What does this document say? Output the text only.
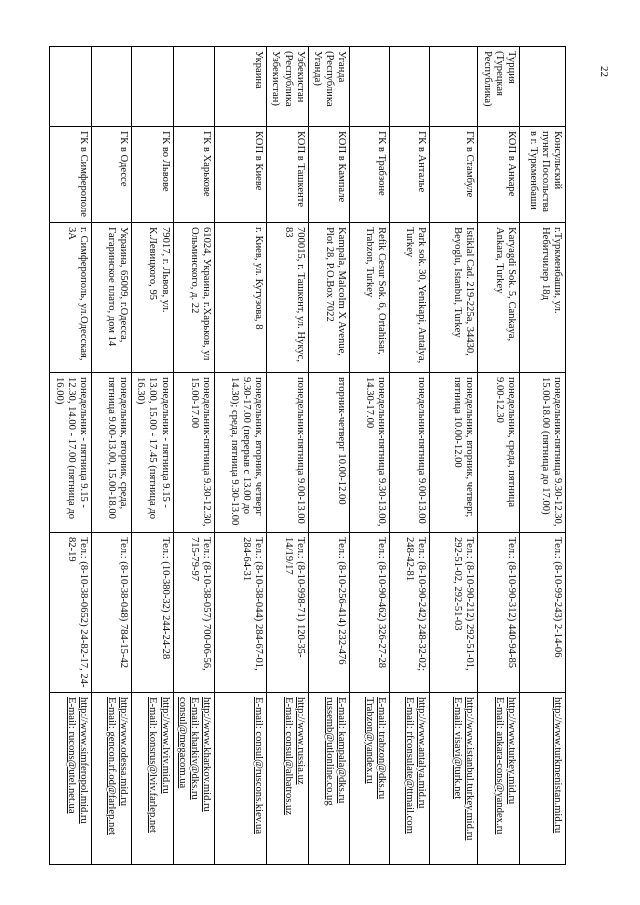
22
	Консульский пункт Посольства в г. Туркменбаши	г.Туркменбаши, ул. Небитчилер 18д	понедельник-пятница 9.30-12.30, 15.00-18.00 (пятница до 17.00)	Тел.: (8-10-99-243) 2-14-06	http://www.turkmenistan.mid.ru

Турция (Турецкая Республика)	КОП в Анкаре	Karyagdi Sok. 5, Cankaya, Ankara, Turkey	понедельник, среда, пятница 9.00-12.30	Тел.: (8-10-90-312) 440-94-85	http://www.turkey.mid.ru
E-mail: ankara-cons@yandex.ru

	ГК в Стамбуле	Istiklal Cad. 219-225a, 34430, Beyoglu, Istanbul, Turkey	понедельник, вторник, четверг, пятница 10.00-12.00	Тел.: (8-10-90-212) 292-51-01, 292-51-02, 292-51-03	http://www.istanbul.turkey.mid.ru
E-mail: visavi@turk.net

	ГК в Анталье	Park sok. 30, Yenikapi, Antalya, Turkey	понедельник-пятница 9.00-13.00	Тел.: (8-10-90-242) 248-32-02; 248-42-81	http://www.antalya.mid.ru
E-mail: rfconsulate@ttmail.com

	ГК в Трабзоне	Refik Cesur Sok. 6, Ortahisar, Trabzon, Turkey	понедельник-пятница 9.30-13.00, 14.30-17.00	Тел.: (8-10-90-462) 326-27-28	E-mail: trabzon@dks.ru
Trabzon@yandex.ru

Уганда (Республика Уганда)	КОП в Кампале	Kampala, Malcolm X Avenue, Plot 28, P.O.Box 7022	вторник-четверг 10.00-12.00	Тел.: (8-10-256-414) 232-476	E-mail: kampala@dks.ru
russemb@utlonline.co.ug

Узбекистан (Республика Узбекистан)	КОП в Ташкенте	700015, г. Ташкент, ул. Нукус, 83	понедельник-пятница 9.00-13.00	Тел.: (8-10-998-71) 120-35-14/19/17	http://www.russia.uz
E-mail: consul@albatros.uz

Украина	КОП в Киеве	г. Киев, ул. Кутузова, 8	понедельник, вторник, четверг 9.30-17.00 (перерыв с 13.00 до 14.30); среда, пятница 9.30-13.00	Тел.: (8-10-38-044) 284-67-01, 284-64-31	E-mail: consul@ruscons.kiev.ua

	ГК в Харькове	61024, Украина, г.Харьков, ул Ольминского, д. 22	понедельник-пятница 9.30-12.30, 15.00-17.00	Тел.: (8-10-38-057) 700-06-56, 715-79-97	http://www.kharkov.mid.ru
E-mail: kharkiv@dks.ru
consul@megacom.ua

	ГК во Львове	79017, г. Львов, ул. К.Левицкого, 95	понедельник - пятница 9.15 - 13.00, 15.00 - 17.45 (пятница до 16.30)	Тел.: (10-380-32) 244-24-28	http://www.lviv.mid.ru
E-mail: konsrus@lviv.farlep.net

	ГК в Одессе	Украина, 65009, г.Одесса, Гагаринское плато, дом 14	понедельник, вторник, среда, пятница 9.00-13.00, 15.00-18.00	Тел.: (8-10-38-048) 784-15-42	http://www.odessa.mid.ru
E-mail: gencon.rf.od@farlep.net

	ГК в Симферополе	г. Симферополь, ул.Одесская, 3А	понедельник - пятница 9.15 - 12.30, 14.00 - 17.00 (пятница до 16.00)	Тел.: (8-10-38-0652) 24-82-17, 24-82-19	http://www.simferopol.mid.ru
E-mail: rucons@utel.net.ua
